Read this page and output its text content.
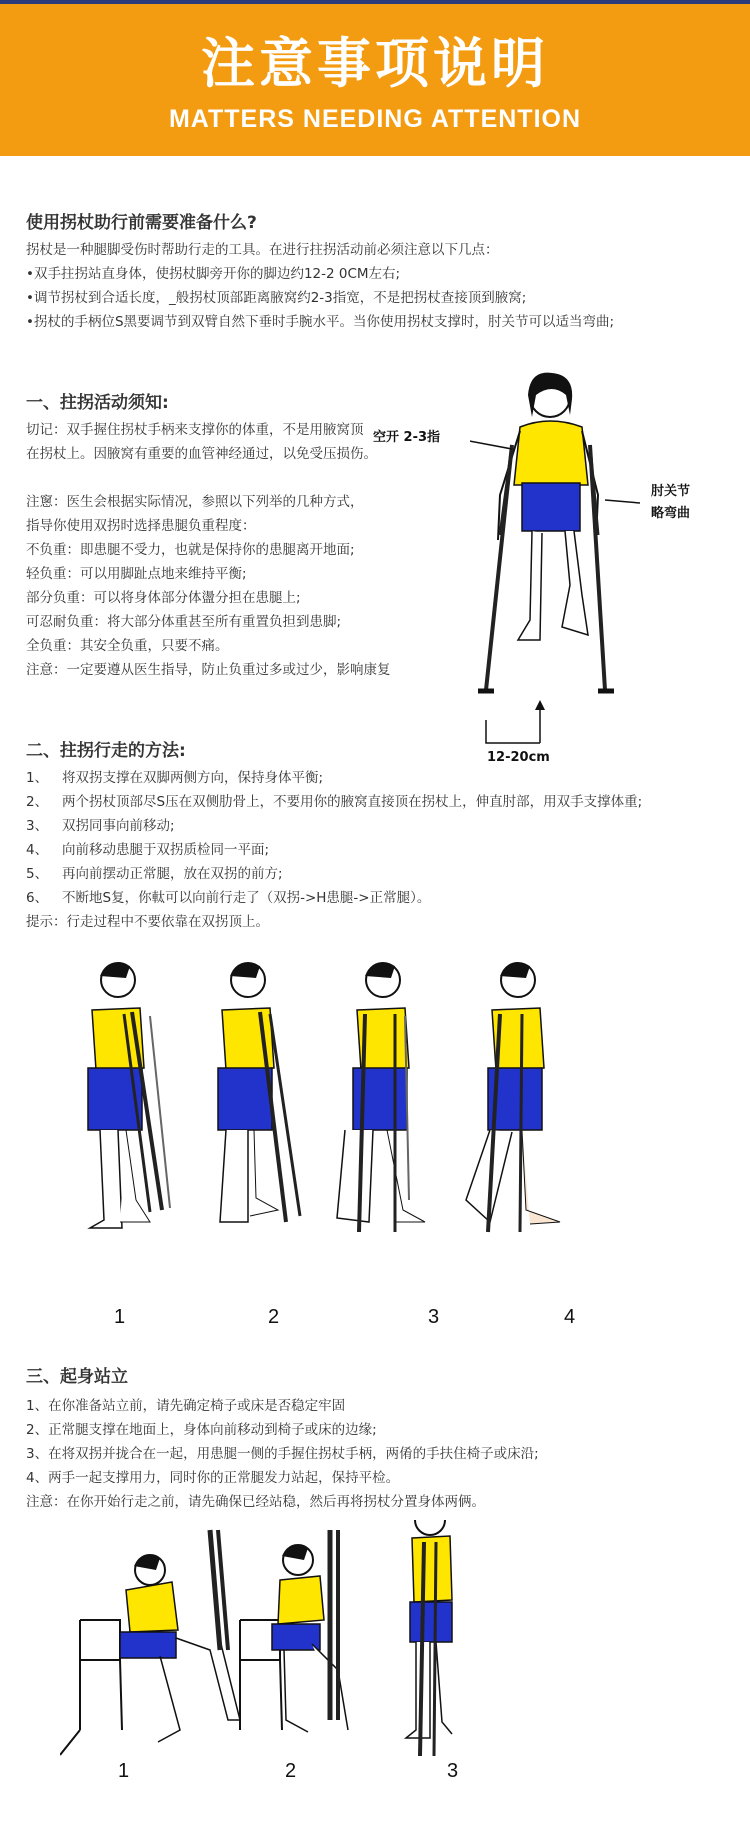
注意事项说明
MATTERS NEEDING ATTENTION
使用拐杖助行前需要准备什么?
拐杖是一种腿脚受伤时帮助行走的工具。在进行拄拐活动前必须注意以下几点：
•双手拄拐站直身体，使拐杖脚旁开你的脚边约12-2 0CM左右;
•调节拐杖到合适长度，_般拐杖顶部距离腋窝约2-3指宽，不是把拐杖查接顶到腋窝;
•拐杖的手柄位S黑要调节到双臂自然下垂时手腕水平。当你使用拐杖支撑时，肘关节可以适当弯曲;
一、拄拐活动须知:
切记：双手握住拐杖手柄来支撑你的体重，不是用腋窝顶
在拐杖上。因腋窝有重要的血管神经通过，以免受压损伤。

注窻：医生会根据实际情况，参照以下列举的几种方式，
指导你使用双拐时选择患腿负重程度：
不负重：即患腿不受力，也就是保持你的患腿离开地面;
轻负重：可以用脚趾点地来维持平衡;
部分负重：可以将身体部分体盪分担在患腿上;
可忍耐负重：将大部分体重甚至所有重置负担到患脚;
全负重：其安全负重，只要不痛。
注意：一定要遵从医生指导，防止负重过多或过少，影响康复
空开 2-3指
肘关节
略弯曲
12-20cm
二、拄拐行走的方法:
1、 将双拐支撑在双脚两侧方向，保持身体平衡;
2、 两个拐杖顶部尽S压在双侧肋骨上，不要用你的腋窝直接顶在拐杖上，伸直肘部，用双手支撑体重;
3、 双拐同事向前移动;
4、 向前移动患腿于双拐质检同一平面;
5、 再向前摆动正常腿，放在双拐的前方;
6、 不断地S复，你軚可以向前行走了（双拐->H患腿->正常腿）。
提示：行走过程中不要依靠在双拐顶上。
1	2	3	4
三、起身站立
1、在你准备站立前，请先确定椅子或床是否稳定牢固
2、正常腿支撑在地面上，身体向前移动到椅子或床的边缘;
3、在将双拐并拢合在一起，用患腿一侧的手握住拐杖手柄，两倄的手扶住椅子或床沿;
4、两手一起支撑用力，同时你的正常腿发力站起，保持平检。
注意：在你开始行走之前，请先确保已经站稳，然后再将拐杖分置身体两俩。
1	2	3
